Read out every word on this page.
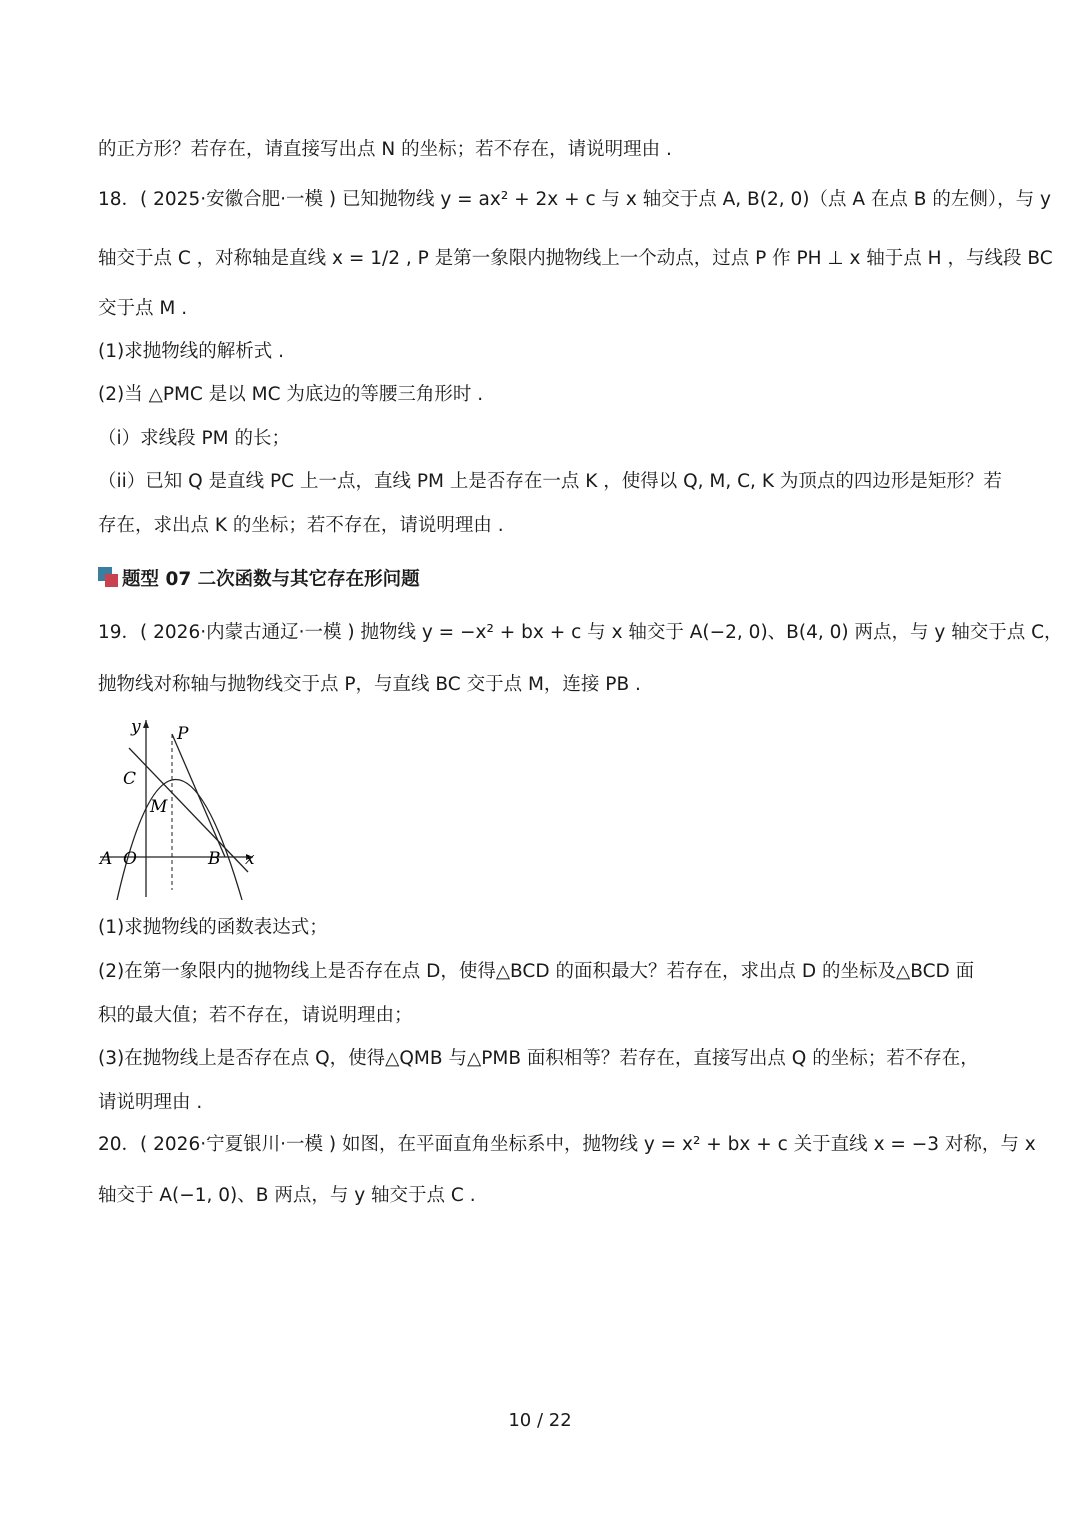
的正方形？若存在，请直接写出点 N 的坐标；若不存在，请说明理由 .
18．( 2025·安徽合肥·一模 ) 已知抛物线 y = ax² + 2x + c 与 x 轴交于点 A, B(2, 0)（点 A 在点 B 的左侧），与 y
轴交于点 C ，对称轴是直线 x = 1/2 , P 是第一象限内抛物线上一个动点，过点 P 作 PH ⊥ x 轴于点 H ，与线段 BC
交于点 M .
(1)求抛物线的解析式 .
(2)当 △PMC 是以 MC 为底边的等腰三角形时 .
（i）求线段 PM 的长；
（ii）已知 Q 是直线 PC 上一点，直线 PM 上是否存在一点 K ，使得以 Q, M, C, K 为顶点的四边形是矩形？若
存在，求出点 K 的坐标；若不存在，请说明理由 .
题型 07 二次函数与其它存在形问题
19．( 2026·内蒙古通辽·一模 ) 抛物线 y = −x² + bx + c 与 x 轴交于 A(−2, 0)、B(4, 0) 两点，与 y 轴交于点 C，
抛物线对称轴与抛物线交于点 P，与直线 BC 交于点 M，连接 PB .
y
x
P
C
M
A O	B
(1)求抛物线的函数表达式；
(2)在第一象限内的抛物线上是否存在点 D，使得△BCD 的面积最大？若存在，求出点 D 的坐标及△BCD 面
积的最大值；若不存在，请说明理由；
(3)在抛物线上是否存在点 Q，使得△QMB 与△PMB 面积相等？若存在，直接写出点 Q 的坐标；若不存在，
请说明理由 .
20．( 2026·宁夏银川·一模 ) 如图，在平面直角坐标系中，抛物线 y = x² + bx + c 关于直线 x = −3 对称，与 x
轴交于 A(−1, 0)、B 两点，与 y 轴交于点 C .
10 / 22
